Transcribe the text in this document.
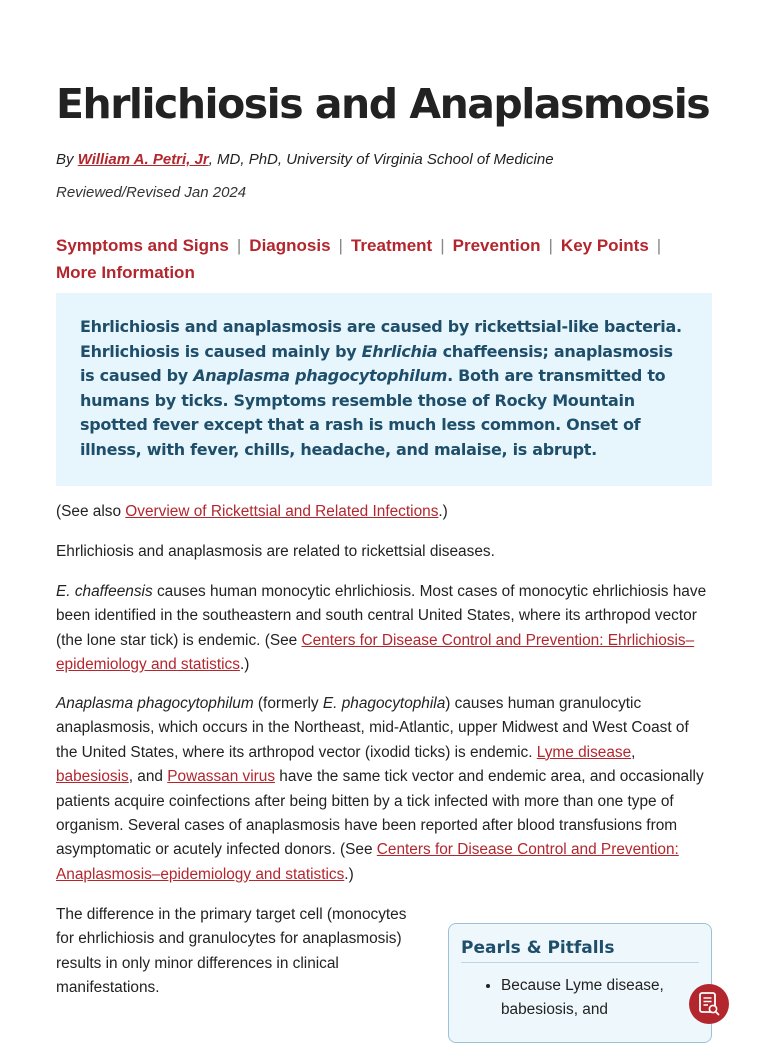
Ehrlichiosis and Anaplasmosis
By William A. Petri, Jr, MD, PhD, University of Virginia School of Medicine
Reviewed/Revised Jan 2024
Symptoms and Signs | Diagnosis | Treatment | Prevention | Key Points |
More Information

Ehrlichiosis and anaplasmosis are caused by rickettsial-like bacteria. Ehrlichiosis is caused mainly by Ehrlichia chaffeensis; anaplasmosis is caused by Anaplasma phagocytophilum. Both are transmitted to humans by ticks. Symptoms resemble those of Rocky Mountain spotted fever except that a rash is much less common. Onset of illness, with fever, chills, headache, and malaise, is abrupt.

(See also Overview of Rickettsial and Related Infections.)

Ehrlichiosis and anaplasmosis are related to rickettsial diseases.

E. chaffeensis causes human monocytic ehrlichiosis. Most cases of monocytic ehrlichiosis have been identified in the southeastern and south central United States, where its arthropod vector (the lone star tick) is endemic. (See Centers for Disease Control and Prevention: Ehrlichiosis–epidemiology and statistics.)

Anaplasma phagocytophilum (formerly E. phagocytophila) causes human granulocytic anaplasmosis, which occurs in the Northeast, mid-Atlantic, upper Midwest and West Coast of the United States, where its arthropod vector (ixodid ticks) is endemic. Lyme disease, babesiosis, and Powassan virus have the same tick vector and endemic area, and occasionally patients acquire coinfections after being bitten by a tick infected with more than one type of organism. Several cases of anaplasmosis have been reported after blood transfusions from asymptomatic or acutely infected donors. (See Centers for Disease Control and Prevention: Anaplasmosis–epidemiology and statistics.)

The difference in the primary target cell (monocytes for ehrlichiosis and granulocytes for anaplasmosis) results in only minor differences in clinical manifestations.

Pearls & Pitfalls
• Because Lyme disease, babesiosis, and
